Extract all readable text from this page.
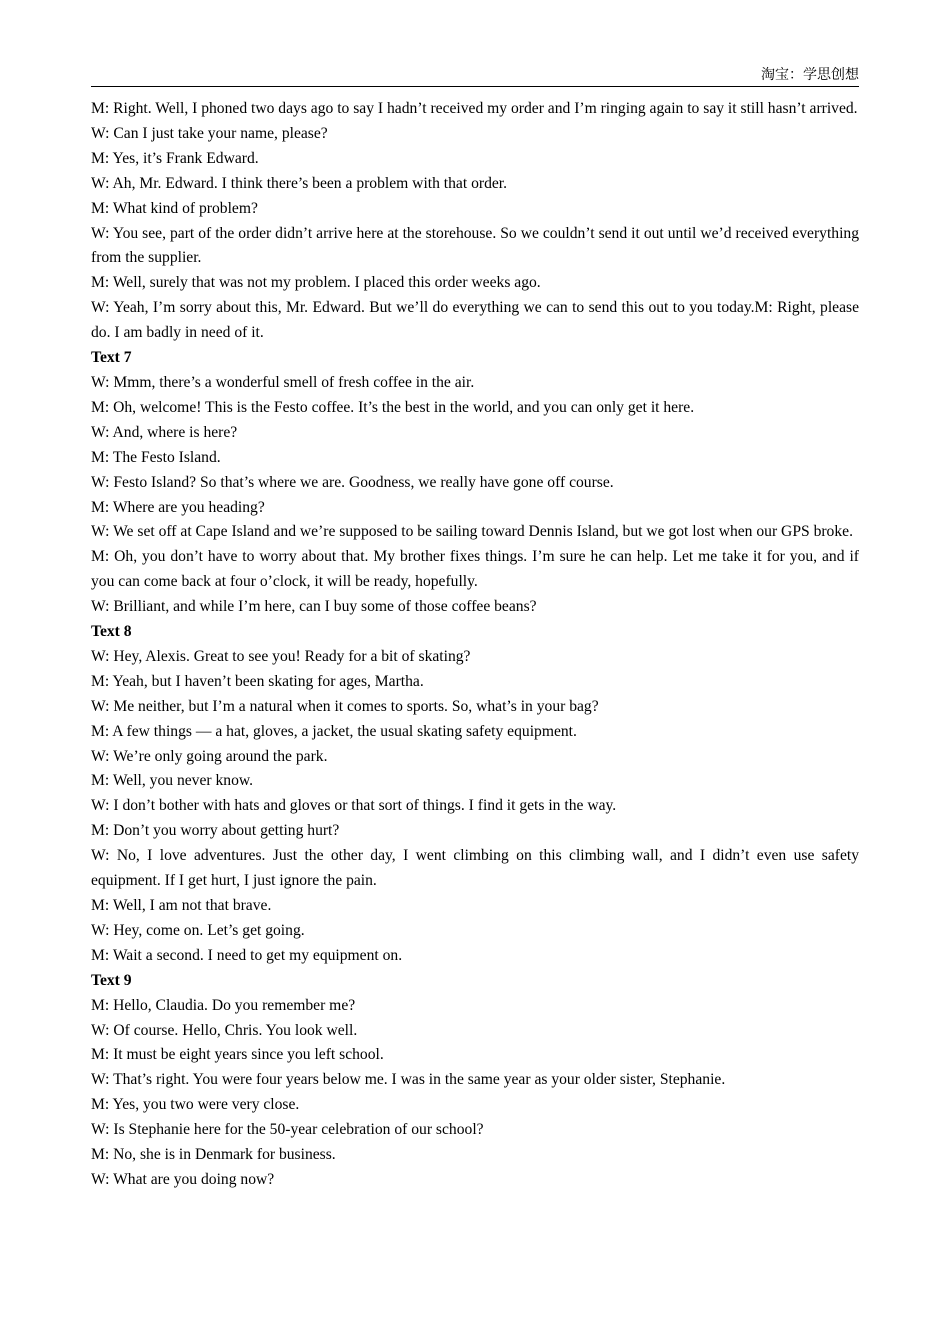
淘宝：学思创想

M: Right. Well, I phoned two days ago to say I hadn’t received my order and I’m ringing again to say it still hasn’t arrived.

W: Can I just take your name, please?

M: Yes, it’s Frank Edward.

W: Ah, Mr. Edward. I think there’s been a problem with that order.

M: What kind of problem?

W: You see, part of the order didn’t arrive here at the storehouse. So we couldn’t send it out until we’d received everything from the supplier.

M: Well, surely that was not my problem. I placed this order weeks ago.

W: Yeah, I’m sorry about this, Mr. Edward. But we’ll do everything we can to send this out to you today.M: Right, please do. I am badly in need of it.

Text 7

W: Mmm, there’s a wonderful smell of fresh coffee in the air.

M: Oh, welcome! This is the Festo coffee. It’s the best in the world, and you can only get it here.

W: And, where is here?

M: The Festo Island.

W: Festo Island? So that’s where we are. Goodness, we really have gone off course.

M: Where are you heading?

W: We set off at Cape Island and we’re supposed to be sailing toward Dennis Island, but we got lost when our GPS broke.

M: Oh, you don’t have to worry about that. My brother fixes things. I’m sure he can help. Let me take it for you, and if you can come back at four o’clock, it will be ready, hopefully.

W: Brilliant, and while I’m here, can I buy some of those coffee beans?

Text 8

W: Hey, Alexis. Great to see you! Ready for a bit of skating?

M: Yeah, but I haven’t been skating for ages, Martha.

W: Me neither, but I’m a natural when it comes to sports. So, what’s in your bag?

M: A few things — a hat, gloves, a jacket, the usual skating safety equipment.

W: We’re only going around the park.

M: Well, you never know.

W: I don’t bother with hats and gloves or that sort of things. I find it gets in the way.

M: Don’t you worry about getting hurt?

W: No, I love adventures. Just the other day, I went climbing on this climbing wall, and I didn’t even use safety equipment. If I get hurt, I just ignore the pain.

M: Well, I am not that brave.

W: Hey, come on. Let’s get going.

M: Wait a second. I need to get my equipment on.

Text 9

M: Hello, Claudia. Do you remember me?

W: Of course. Hello, Chris. You look well.

M: It must be eight years since you left school.

W: That’s right. You were four years below me. I was in the same year as your older sister, Stephanie.

M: Yes, you two were very close.

W: Is Stephanie here for the 50-year celebration of our school?

M: No, she is in Denmark for business.

W: What are you doing now?
